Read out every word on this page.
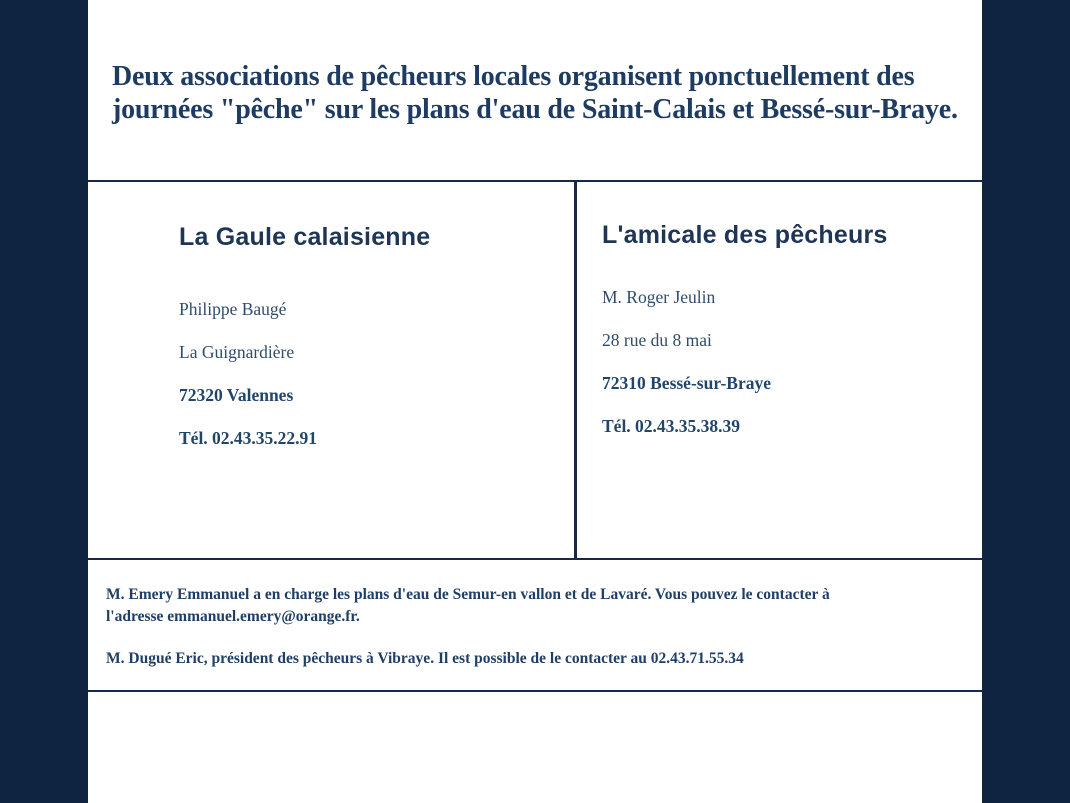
Deux associations de pêcheurs locales organisent ponctuellement des journées "pêche" sur les plans d'eau de Saint-Calais et Bessé-sur-Braye.
La Gaule calaisienne

Philippe Baugé

La Guignardière

72320 Valennes

Tél. 02.43.35.22.91

L'amicale des pêcheurs

M. Roger Jeulin

28 rue du 8 mai

72310 Bessé-sur-Braye

Tél. 02.43.35.38.39

M. Emery Emmanuel a en charge les plans d'eau de Semur-en vallon et de Lavaré. Vous pouvez le contacter à
l'adresse emmanuel.emery@orange.fr.

M. Dugué Eric, président des pêcheurs à Vibraye. Il est possible de le contacter au 02.43.71.55.34
